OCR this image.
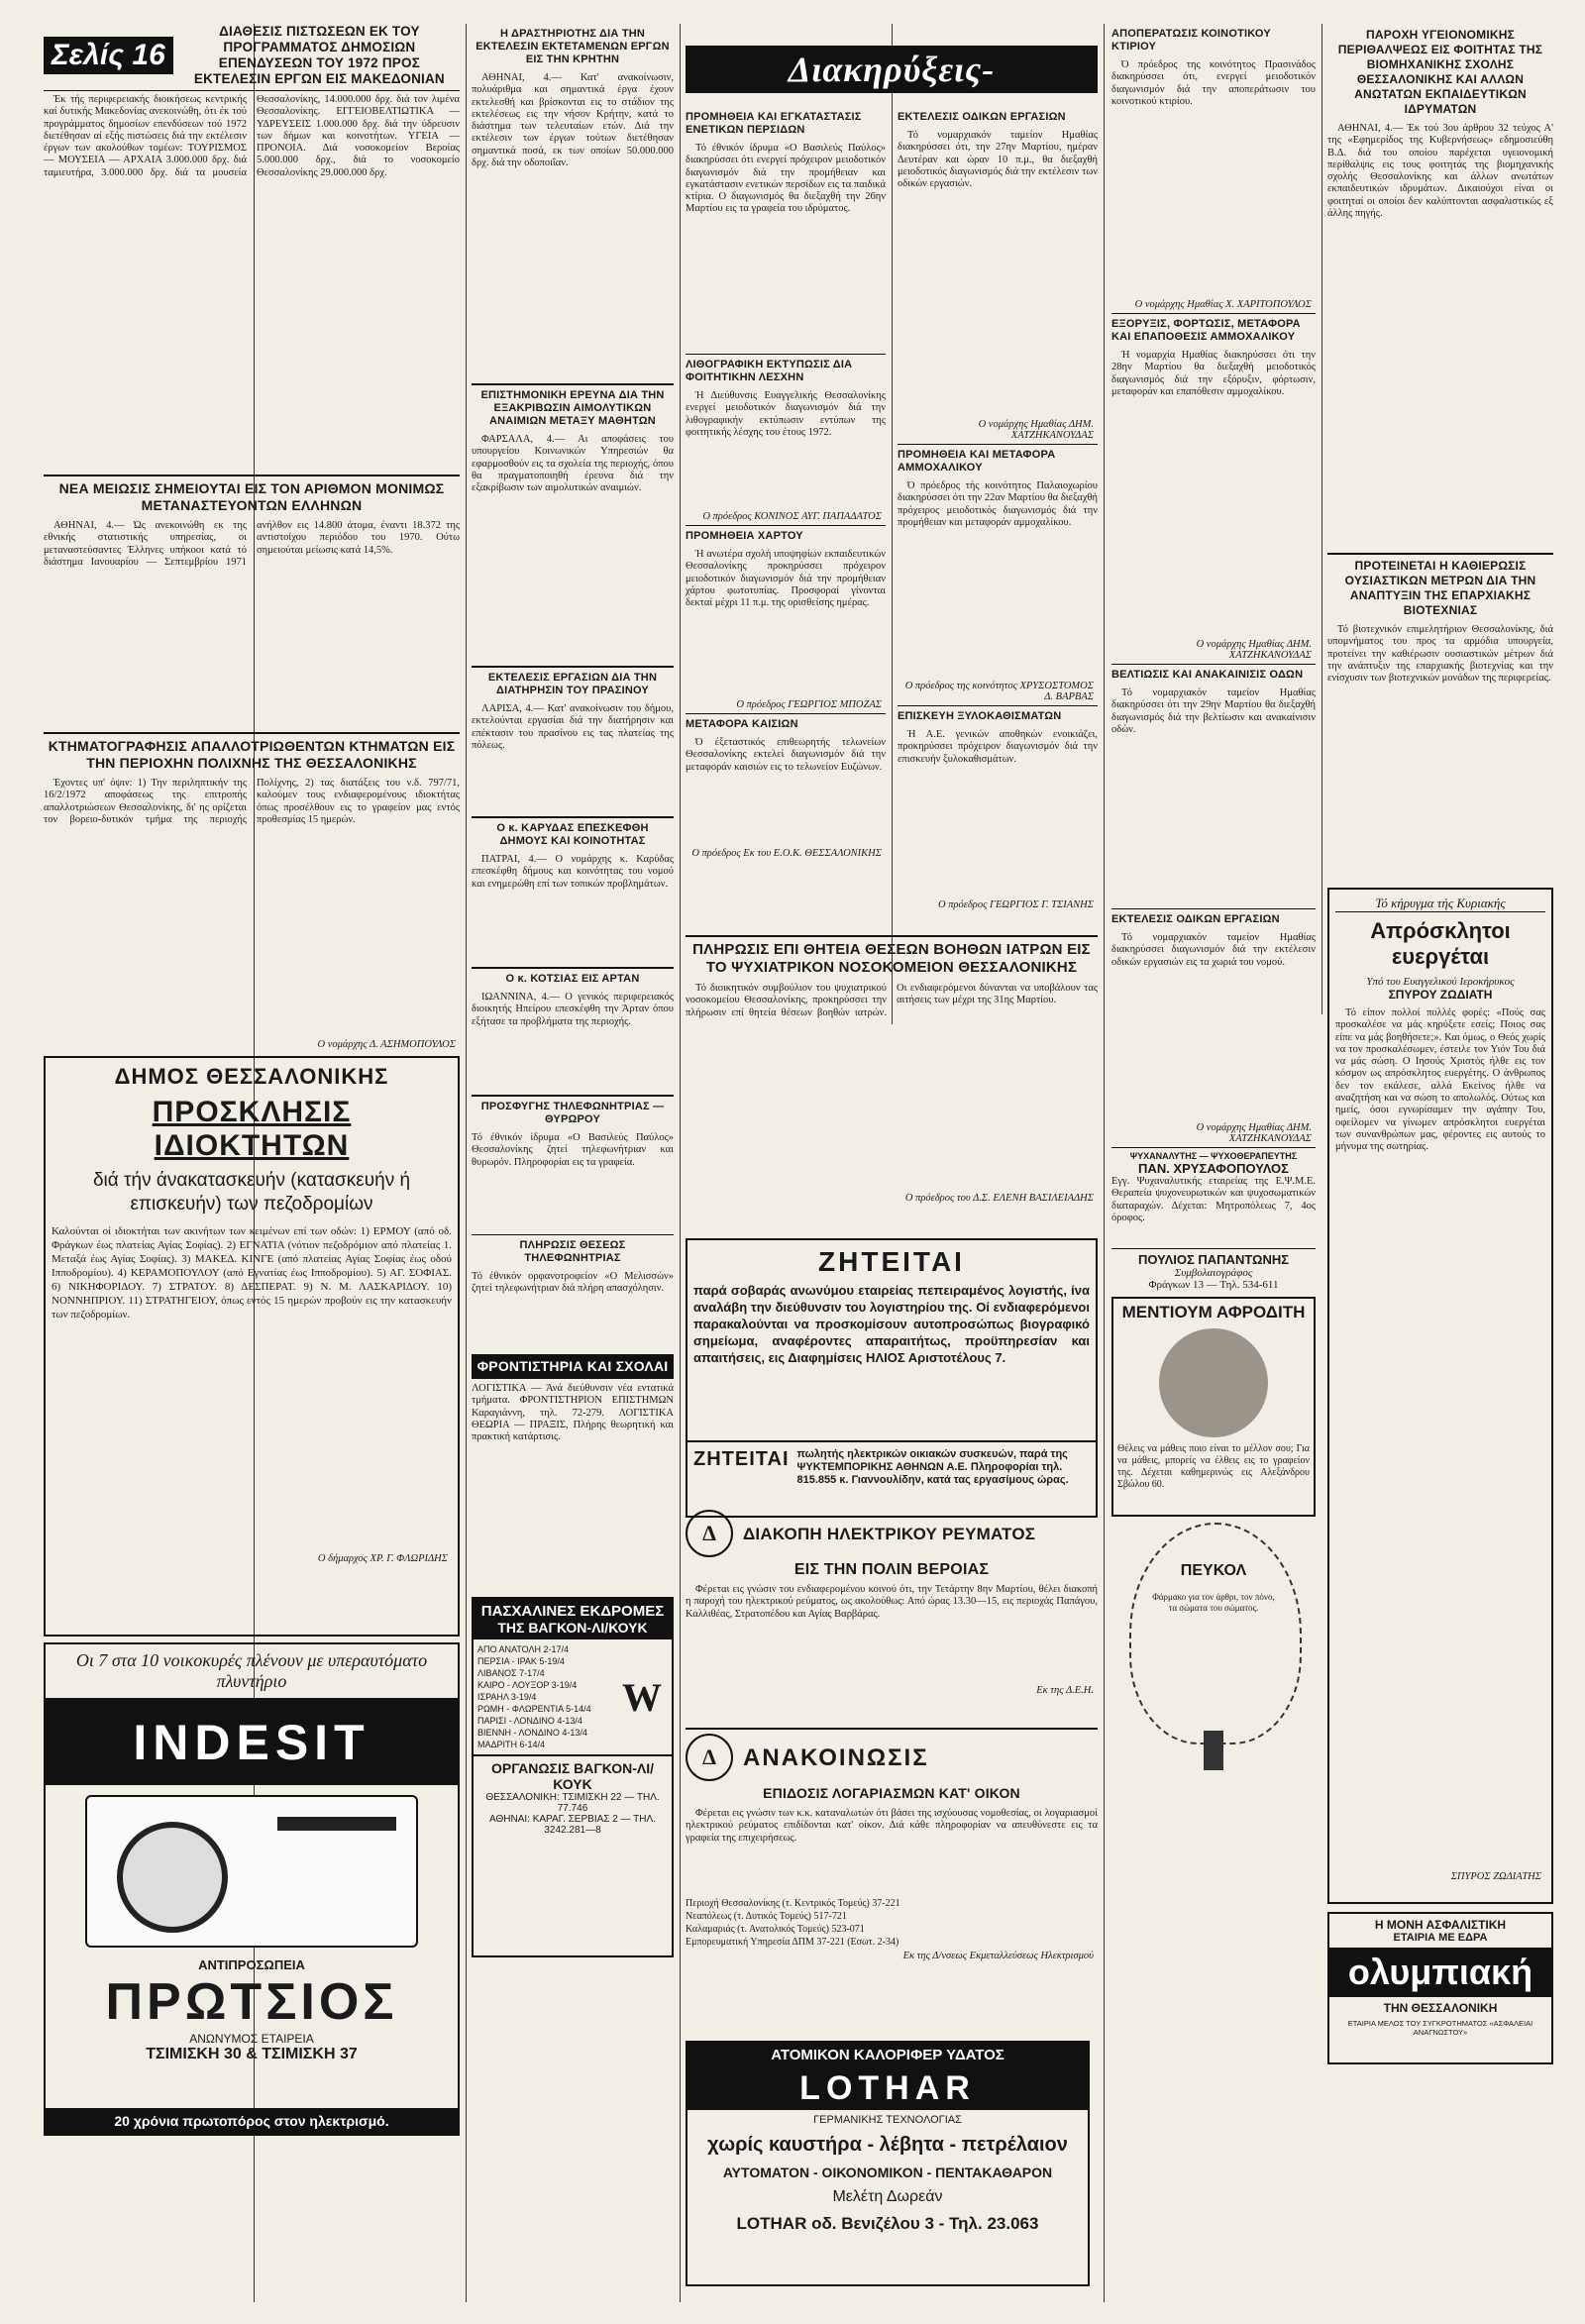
Σελίς 16
ΔΙΑΘΕΣΙΣ ΠΙΣΤΩΣΕΩΝ ΕΚ ΤΟΥ ΠΡΟΓΡΑΜΜΑΤΟΣ ΔΗΜΟΣΙΩΝ ΕΠΕΝΔΥΣΕΩΝ ΤΟΥ 1972 ΠΡΟΣ ΕΚΤΕΛΕΣΙΝ ΕΡΓΩΝ ΕΙΣ ΜΑΚΕΔΟΝΙΑΝ

Έκ τής περιφερειακής διοικήσεως κεντρικής καί δυτικής Μακεδονίας ανεκοινώθη, ότι έκ τού προγράμματος δημοσίων επενδύσεων τού 1972 διετέθησαν αί εξής πιστώσεις διά την εκτέλεσιν έργων των ακολούθων τομέων: ΤΟΥΡΙΣΜΟΣ — ΜΟΥΣΕΙΑ — ΑΡΧΑΙΑ 3.000.000 δρχ. διά ταμιευτήρα, 3.000.000 δρχ. διά τα μουσεία Θεσσαλονίκης, 14.000.000 δρχ. διά τον λιμένα Θεσσαλονίκης. ΕΓΓΕΙΟΒΕΛΤΙΩΤΙΚΑ — ΥΔΡΕΥΣΕΙΣ 1.000.000 δρχ. διά την ύδρευσιν των δήμων και κοινοτήτων. ΥΓΕΙΑ — ΠΡΟΝΟΙΑ. Διά νοσοκομείον Βεροίας 5.000.000 δρχ., διά το νοσοκομείο Θεσσαλονίκης 29.000.000 δρχ.

ΝΕΑ ΜΕΙΩΣΙΣ ΣΗΜΕΙΟΥΤΑΙ ΕΙΣ ΤΟΝ ΑΡΙΘΜΟΝ ΜΟΝΙΜΩΣ ΜΕΤΑΝΑΣΤΕΥΟΝΤΩΝ ΕΛΛΗΝΩΝ

ΑΘΗΝΑΙ, 4.— Ώς ανεκοινώθη εκ της εθνικής στατιστικής υπηρεσίας, οι μεταναστεύσαντες Έλληνες υπήκοοι κατά τό διάστημα Ιανουαρίου — Σεπτεμβρίου 1971 ανήλθον εις 14.800 άτομα, έναντι 18.372 της αντιστοίχου περιόδου του 1970. Ούτω σημειούται μείωσις κατά 14,5%.

ΚΤΗΜΑΤΟΓΡΑΦΗΣΙΣ ΑΠΑΛΛΟΤΡΙΩΘΕΝΤΩΝ ΚΤΗΜΑΤΩΝ ΕΙΣ ΤΗΝ ΠΕΡΙΟΧΗΝ ΠΟΛΙΧΝΗΣ ΤΗΣ ΘΕΣΣΑΛΟΝΙΚΗΣ

Έχοντες υπ' όψιν: 1) Την περιληπτικήν της 16/2/1972 αποφάσεως της επιτροπής απαλλοτριώσεων Θεσσαλονίκης, δι' ης ορίζεται τον βορειο-δυτικόν τμήμα της περιοχής Πολίχνης, 2) τας διατάξεις του ν.δ. 797/71, καλούμεν τους ενδιαφερομένους ιδιοκτήτας όπως προσέλθουν εις το γραφείον μας εντός προθεσμίας 15 ημερών.

Ο νομάρχης Δ. ΑΣΗΜΟΠΟΥΛΟΣ
ΔΗΜΟΣ ΘΕΣΣΑΛΟΝΙΚΗΣ
ΠΡΟΣΚΛΗΣΙΣ ΙΔΙΟΚΤΗΤΩΝ
διά τήν άνακατασκευήν (κατασκευήν ή επισκευήν) των πεζοδρομίων
Καλούνται οί ιδιοκτήται των ακινήτων των κειμένων επί των οδών: 1) ΕΡΜΟΥ (από οδ. Φράγκων έως πλατείας Αγίας Σοφίας). 2) ΕΓΝΑΤΙΑ (νότιον πεζοδρόμιον από πλατείας 1. Μεταξά έως Αγίας Σοφίας). 3) ΜΑΚΕΔ. ΚΙΝΓΕ (από πλατείας Αγίας Σοφίας έως οδού Ιπποδρομίου). 4) ΚΕΡΑΜΟΠΟΥΛΟΥ (από Εγνατίας έως Ιπποδρομίου). 5) ΑΓ. ΣΟΦΙΑΣ. 6) ΝΙΚΗΦΟΡΙΔΟΥ. 7) ΣΤΡΑΤΟΥ. 8) ΔΕΣΠΕΡΑΤ. 9) Ν. Μ. ΛΑΣΚΑΡΙΔΟΥ. 10) ΝΟΝΝΗΠΡΙΟΥ. 11) ΣΤΡΑΤΗΓΕΙΟΥ, όπως εντός 15 ημερών προβούν εις την κατασκευήν των πεζοδρομίων.
Ο δήμαρχος ΧΡ. Γ. ΦΛΩΡΙΔΗΣ
Οι 7 στα 10 νοικοκυρές πλένουν με υπεραυτόματο πλυντήριο
INDESIT
ΑΝΤΙΠΡΟΣΩΠΕΙΑ
ΠΡΩΤΣΙΟΣ
ΑΝΩΝΥΜΟΣ ΕΤΑΙΡΕΙΑ
ΤΣΙΜΙΣΚΗ 30 & ΤΣΙΜΙΣΚΗ 37
20 χρόνια πρωτοπόρος στον ηλεκτρισμό.
Η ΔΡΑΣΤΗΡΙΟΤΗΣ ΔΙΑ ΤΗΝ ΕΚΤΕΛΕΣΙΝ ΕΚΤΕΤΑΜΕΝΩΝ ΕΡΓΩΝ ΕΙΣ ΤΗΝ ΚΡΗΤΗΝ

ΑΘΗΝΑΙ, 4.— Κατ' ανακοίνωσιν, πολυάριθμα και σημαντικά έργα έχουν εκτελεσθή και βρίσκονται εις το στάδιον της εκτελέσεως εις την νήσον Κρήτην, κατά το διάστημα των τελευταίων ετών. Διά την εκτέλεσιν των έργων τούτων διετέθησαν σημαντικά ποσά, εκ των οποίων 50.000.000 δρχ. διά την οδοποιΐαν.

ΕΠΙΣΤΗΜΟΝΙΚΗ ΕΡΕΥΝΑ ΔΙΑ ΤΗΝ ΕΞΑΚΡΙΒΩΣΙΝ ΑΙΜΟΛΥΤΙΚΩΝ ΑΝΑΙΜΙΩΝ ΜΕΤΑΞΥ ΜΑΘΗΤΩΝ

ΦΑΡΣΑΛΑ, 4.— Αι αποφάσεις του υπουργείου Κοινωνικών Υπηρεσιών θα εφαρμοσθούν εις τα σχολεία της περιοχής, όπου θα πραγματοποιηθή έρευνα διά την εξακρίβωσιν των αιμολυτικών αναιμιών.

ΕΚΤΕΛΕΣΙΣ ΕΡΓΑΣΙΩΝ ΔΙΑ ΤΗΝ ΔΙΑΤΗΡΗΣΙΝ ΤΟΥ ΠΡΑΣΙΝΟΥ

ΛΑΡΙΣΑ, 4.— Κατ' ανακοίνωσιν του δήμου, εκτελούνται εργασίαι διά την διατήρησιν και επέκτασιν του πρασίνου εις τας πλατείας της πόλεως.

Ο κ. ΚΑΡΥΔΑΣ ΕΠΕΣΚΕΦΘΗ ΔΗΜΟΥΣ ΚΑΙ ΚΟΙΝΟΤΗΤΑΣ

ΠΑΤΡΑΙ, 4.— Ο νομάρχης κ. Καρύδας επεσκέφθη δήμους και κοινότητας του νομού και ενημερώθη επί των τοπικών προβλημάτων.

Ο κ. ΚΟΤΣΙΑΣ ΕΙΣ ΑΡΤΑΝ

ΙΩΑΝΝΙΝΑ, 4.— Ο γενικός περιφερειακός διοικητής Ηπείρου επεσκέφθη την Άρταν όπου εξήτασε τα προβλήματα της περιοχής.

ΠΡΟΣΦΥΓΗΣ ΤΗΛΕΦΩΝΗΤΡΙΑΣ — ΘΥΡΩΡΟΥ
Τό έθνικόν ίδρυμα «Ο Βασιλεύς Παύλος» Θεσσαλονίκης ζητεί τηλεφωνήτριαν και θυρωρόν. Πληροφορίαι εις τα γραφεία.
ΠΛΗΡΩΣΙΣ ΘΕΣΕΩΣ ΤΗΛΕΦΩΝΗΤΡΙΑΣ
Τό έθνικόν ορφανοτροφείον «Ο Μελισσών» ζητεί τηλεφωνήτριαν διά πλήρη απασχόλησιν.
ΦΡΟΝΤΙΣΤΗΡΙΑ ΚΑΙ ΣΧΟΛΑΙ
ΛΟΓΙΣΤΙΚΑ — Άνά διεύθυνσιν νέα εντατικά τμήματα. ΦΡΟΝΤΙΣΤΗΡΙΟΝ ΕΠΙΣΤΗΜΩΝ Καραγιάννη, τηλ. 72-279. ΛΟΓΙΣΤΙΚΑ ΘΕΩΡΙΑ — ΠΡΑΞΙΣ, Πλήρης θεωρητική και πρακτική κατάρτισις.
ΠΑΣΧΑΛΙΝΕΣ ΕΚΔΡΟΜΕΣ
ΤΗΣ ΒΑΓΚΟΝ-ΛΙ/ΚΟΥΚ
ΑΠΟ ΑΝΑΤΟΛΗ 2-17/4
ΠΕΡΣΙΑ - ΙΡΑΚ 5-19/4
ΛΙΒΑΝΟΣ 7-17/4
ΚΑΙΡΟ - ΛΟΥΞΟΡ 3-19/4
ΙΣΡΑΗΛ 3-19/4
ΡΩΜΗ - ΦΛΩΡΕΝΤΙΑ 5-14/4
ΠΑΡΙΣΙ - ΛΟΝΔΙΝΟ 4-13/4
ΒΙΕΝΝΗ - ΛΟΝΔΙΝΟ 4-13/4
ΜΑΔΡΙΤΗ 6-14/4
W
ΟΡΓΑΝΩΣΙΣ ΒΑΓΚΟΝ-ΛΙ/ΚΟΥΚ
ΘΕΣΣΑΛΟΝΙΚΗ: ΤΣΙΜΙΣΚΗ 22 — ΤΗΛ. 77.746
ΑΘΗΝΑΙ: ΚΑΡΑΓ. ΣΕΡΒΙΑΣ 2 — ΤΗΛ. 3242.281—8
Διακηρύξεις-
ΠΡΟΜΗΘΕΙΑ ΚΑΙ ΕΓΚΑΤΑΣΤΑΣΙΣ ΕΝΕΤΙΚΩΝ ΠΕΡΣΙΔΩΝ

Τό έθνικόν ίδρυμα «Ο Βασιλεύς Παύλος» διακηρύσσει ότι ενεργεί πρόχειρον μειοδοτικόν διαγωνισμόν διά την προμήθειαν και εγκατάστασιν ενετικών περσίδων εις τα παιδικά κτίρια. Ο διαγωνισμός θα διεξαχθή την 26ην Μαρτίου εις τα γραφεία του ιδρύματος.

ΛΙΘΟΓΡΑΦΙΚΗ ΕΚΤΥΠΩΣΙΣ ΔΙΑ ΦΟΙΤΗΤΙΚΗΝ ΛΕΣΧΗΝ

Ή Διεύθυνσις Ευαγγελικής Θεσσαλονίκης ενεργεί μειοδοτικόν διαγωνισμόν διά την λιθογραφικήν εκτύπωσιν εντύπων της φοιτητικής λέσχης του έτους 1972.

Ο πρόεδρος ΚΟΝΙΝΟΣ ΑΥΓ. ΠΑΠΑΔΑΤΟΣ
ΠΡΟΜΗΘΕΙΑ ΧΑΡΤΟΥ

Ή ανωτέρα σχολή υποψηφίων εκπαιδευτικών Θεσσαλονίκης προκηρύσσει πρόχειρον μειοδοτικόν διαγωνισμόν διά την προμήθειαν χάρτου φωτοτυπίας. Προσφοραί γίνονται δεκταί μέχρι 11 π.μ. της ορισθείσης ημέρας.

Ο πρόεδρος ΓΕΩΡΓΙΟΣ ΜΠΟΖΑΣ
ΜΕΤΑΦΟΡΑ ΚΑΙΣΙΩΝ

Ό έξεταστικός επιθεωρητής τελωνείων Θεσσαλονίκης εκτελεί διαγωνισμόν διά την μεταφοράν καισιών εις το τελωνείον Ευζώνων.

Ο πρόεδρος Εκ του Ε.Ο.Κ. ΘΕΣΣΑΛΟΝΙΚΗΣ
ΕΚΤΕΛΕΣΙΣ ΟΔΙΚΩΝ ΕΡΓΑΣΙΩΝ

Τό νομαρχιακόν ταμείον Ημαθίας διακηρύσσει ότι, την 27ην Μαρτίου, ημέραν Δευτέραν και ώραν 10 π.μ., θα διεξαχθή μειοδοτικός διαγωνισμός διά την εκτέλεσιν των οδικών εργασιών.

Ο νομάρχης Ημαθίας ΔΗΜ. ΧΑΤΖΗΚΑΝΟΥΔΑΣ
ΠΡΟΜΗΘΕΙΑ ΚΑΙ ΜΕΤΑΦΟΡΑ ΑΜΜΟΧΑΛΙΚΟΥ

Ό πρόεδρος τής κοινότητος Παλαιοχωρίου διακηρύσσει ότι την 22αν Μαρτίου θα διεξαχθή πρόχειρος μειοδοτικός διαγωνισμός διά την προμήθειαν και μεταφοράν αμμοχαλίκου.

Ο πρόεδρος της κοινότητος ΧΡΥΣΟΣΤΟΜΟΣ Δ. ΒΑΡΒΑΣ
ΕΠΙΣΚΕΥΗ ΞΥΛΟΚΑΘΙΣΜΑΤΩΝ

Ή Α.Ε. γενικών αποθηκών ενοικιάζει, προκηρύσσει πρόχειρον διαγωνισμόν διά την επισκευήν ξυλοκαθισμάτων.

Ο πρόεδρος ΓΕΩΡΓΙΟΣ Γ. ΤΣΙΑΝΗΣ
ΠΛΗΡΩΣΙΣ ΕΠΙ ΘΗΤΕΙΑ ΘΕΣΕΩΝ ΒΟΗΘΩΝ ΙΑΤΡΩΝ ΕΙΣ ΤΟ ΨΥΧΙΑΤΡΙΚΟΝ ΝΟΣΟΚΟΜΕΙΟΝ ΘΕΣΣΑΛΟΝΙΚΗΣ

Τό διοικητικόν συμβούλιον του ψυχιατρικού νοσοκομείου Θεσσαλονίκης, προκηρύσσει την πλήρωσιν επί θητεία θέσεων βοηθών ιατρών. Οι ενδιαφερόμενοι δύνανται να υποβάλουν τας αιτήσεις των μέχρι της 31ης Μαρτίου.

Ο πρόεδρος του Δ.Σ. ΕΛΕΝΗ ΒΑΣΙΛΕΙΑΔΗΣ
ΖΗΤΕΙΤΑΙ
παρά σοβαράς ανωνύμου εταιρείας πεπειραμένος λογιστής, ίνα αναλάβη την διεύθυνσιν του λογιστηρίου της. Οί ενδιαφερόμενοι παρακαλούνται να προσκομίσουν αυτοπροσώπως βιογραφικό σημείωμα, αναφέροντες απαραιτήτως, προϋπηρεσίαν και απαιτήσεις, εις Διαφημίσεις ΗΛΙΟΣ Αριστοτέλους 7.
ΖΗΤΕΙΤΑΙ πωλητής ηλεκτρικών οικιακών συσκευών, παρά της ΨΥΚΤΕΜΠΟΡΙΚΗΣ ΑΘΗΝΩΝ Α.Ε. Πληροφορίαι τηλ. 815.855 κ. Γιαννουλίδην, κατά τας εργασίμους ώρας.
Δ	ΔΙΑΚΟΠΗ ΗΛΕΚΤΡΙΚΟΥ ΡΕΥΜΑΤΟΣ
ΕΙΣ ΤΗΝ ΠΟΛΙΝ ΒΕΡΟΙΑΣ

Φέρεται εις γνώσιν του ενδιαφερομένου κοινού ότι, την Τετάρτην 8ην Μαρτίου, θέλει διακοπή η παροχή του ηλεκτρικού ρεύματος, ως ακολούθως: Από ώρας 13.30—15, εις περιοχάς Παπάγου, Καλλιθέας, Στρατοπέδου και Αγίας Βαρβάρας.

Εκ της Δ.Ε.Η.
Δ	ΑΝΑΚΟΙΝΩΣΙΣ
ΕΠΙΔΟΣΙΣ ΛΟΓΑΡΙΑΣΜΩΝ ΚΑΤ' ΟΙΚΟΝ

Φέρεται εις γνώσιν των κ.κ. καταναλωτών ότι βάσει της ισχύουσας νομοθεσίας, οι λογαριασμοί ηλεκτρικού ρεύματος επιδίδονται κατ' οίκον. Διά κάθε πληροφορίαν να απευθύνεστε εις τα γραφεία της επιχειρήσεως.

Περιοχή Θεσσαλονίκης (τ. Κεντρικός Τομεύς) 37-221
Νεαπόλεως (τ. Δυτικός Τομεύς) 517-721
Καλαμαριάς (τ. Ανατολικός Τομεύς) 523-071
Εμπορευματική Υπηρεσία ΔΠΜ 37-221 (Εσωτ. 2-34)
Εκ της Δ/νσεως Εκμεταλλεύσεως Ηλεκτρισμού
ΑΤΟΜΙΚΟΝ ΚΑΛΟΡΙΦΕΡ ΥΔΑΤΟΣ
LOTHAR
ΓΕΡΜΑΝΙΚΗΣ ΤΕΧΝΟΛΟΓΙΑΣ
χωρίς καυστήρα - λέβητα - πετρέλαιον
ΑΥΤΟΜΑΤΟΝ - ΟΙΚΟΝΟΜΙΚΟΝ - ΠΕΝΤΑΚΑΘΑΡΟΝ
Μελέτη Δωρεάν
LOTHAR οδ. Βενιζέλου 3 - Τηλ. 23.063
ΑΠΟΠΕΡΑΤΩΣΙΣ ΚΟΙΝΟΤΙΚΟΥ ΚΤΙΡΙΟΥ

Ό πρόεδρος της κοινότητος Πρασινάδος διακηρύσσει ότι, ενεργεί μειοδοτικόν διαγωνισμόν διά την αποπεράτωσιν του κοινοτικού κτιρίου.

Ο νομάρχης Ημαθίας Χ. ΧΑΡΙΤΟΠΟΥΛΟΣ
ΕΞΟΡΥΞΙΣ, ΦΟΡΤΩΣΙΣ, ΜΕΤΑΦΟΡΑ ΚΑΙ ΕΠΑΠΟΘΕΣΙΣ ΑΜΜΟΧΑΛΙΚΟΥ

Ή νομαρχία Ημαθίας διακηρύσσει ότι την 28ην Μαρτίου θα διεξαχθή μειοδοτικός διαγωνισμός διά την εξόρυξιν, φόρτωσιν, μεταφοράν και επαπόθεσιν αμμοχαλίκου.

Ο νομάρχης Ημαθίας ΔΗΜ. ΧΑΤΖΗΚΑΝΟΥΔΑΣ
ΒΕΛΤΙΩΣΙΣ ΚΑΙ ΑΝΑΚΑΙΝΙΣΙΣ ΟΔΩΝ

Τό νομαρχιακόν ταμείον Ημαθίας διακηρύσσει ότι την 29ην Μαρτίου θα διεξαχθή διαγωνισμός διά την βελτίωσιν και ανακαίνισιν οδών.

ΕΚΤΕΛΕΣΙΣ ΟΔΙΚΩΝ ΕΡΓΑΣΙΩΝ

Τό νομαρχιακόν ταμείον Ημαθίας διακηρύσσει διαγωνισμόν διά την εκτέλεσιν οδικών εργασιών εις τα χωριά του νομού.

Ο νομάρχης Ημαθίας ΔΗΜ. ΧΑΤΖΗΚΑΝΟΥΔΑΣ
ΨΥΧΑΝΑΛΥΤΗΣ — ΨΥΧΟΘΕΡΑΠΕΥΤΗΣ
ΠΑΝ. ΧΡΥΣΑΦΟΠΟΥΛΟΣ
Εγγ. Ψυχαναλυτικής εταιρείας της Ε.Ψ.Μ.Ε. Θεραπεία ψυχονευρωτικών και ψυχοσωματικών διαταραχών. Δέχεται: Μητροπόλεως 7, 4ος όροφος.
ΠΟΥΛΙΟΣ ΠΑΠΑΝΤΩΝΗΣ
Συμβολαιογράφος
Φράγκων 13 — Τηλ. 534-611
ΜΕΝΤΙΟΥΜ ΑΦΡΟΔΙΤΗ
Θέλεις να μάθεις ποιο είναι το μέλλον σου; Για να μάθεις, μπορείς να έλθεις εις το γραφείον της. Δέχεται καθημερινώς εις Αλεξάνδρου Σβώλου 60.
ΠΕΥΚΟΛ
Φάρμακο για τον άρθρι, τον πόνο, τα σώματα του σώματος.
ΠΑΡΟΧΗ ΥΓΕΙΟΝΟΜΙΚΗΣ ΠΕΡΙΘΑΛΨΕΩΣ ΕΙΣ ΦΟΙΤΗΤΑΣ ΤΗΣ ΒΙΟΜΗΧΑΝΙΚΗΣ ΣΧΟΛΗΣ ΘΕΣΣΑΛΟΝΙΚΗΣ ΚΑΙ ΑΛΛΩΝ ΑΝΩΤΑΤΩΝ ΕΚΠΑΙΔΕΥΤΙΚΩΝ ΙΔΡΥΜΑΤΩΝ

ΑΘΗΝΑΙ, 4.— Έκ τού 3ου άρθρου 32 τεύχος Α' της «Εφημερίδος της Κυβερνήσεως» εδημοσιεύθη Β.Δ. διά του οποίου παρέχεται υγειονομική περίθαλψις εις τους φοιτητάς της βιομηχανικής σχολής Θεσσαλονίκης και άλλων ανωτάτων εκπαιδευτικών ιδρυμάτων. Δικαιούχοι είναι οι φοιτηταί οι οποίοι δεν καλύπτονται ασφαλιστικώς εξ άλλης πηγής.

ΠΡΟΤΕΙΝΕΤΑΙ Η ΚΑΘΙΕΡΩΣΙΣ ΟΥΣΙΑΣΤΙΚΩΝ ΜΕΤΡΩΝ ΔΙΑ ΤΗΝ ΑΝΑΠΤΥΞΙΝ ΤΗΣ ΕΠΑΡΧΙΑΚΗΣ ΒΙΟΤΕΧΝΙΑΣ

Τό βιοτεχνικόν επιμελητήριον Θεσσαλονίκης, διά υπομνήματος του προς τα αρμόδια υπουργεία, προτείνει την καθιέρωσιν ουσιαστικών μέτρων διά την ανάπτυξιν της επαρχιακής βιοτεχνίας και την ενίσχυσιν των βιοτεχνικών μονάδων της περιφερείας.

Τό κήρυγμα τής Κυριακής
Απρόσκλητοι ευεργέται
Υπό του Ευαγγελικού Ιεροκήρυκος
ΣΠΥΡΟΥ ΖΩΔΙΑΤΗ

Τό είπον πολλοί πολλές φορές: «Πούς σας προσκαλέσε να μάς κηρύξετε εσείς; Ποιος σας είπε να μάς βοηθήσετε;». Και όμως, ο Θεός χωρίς να τον προσκαλέσωμεν, έστειλε τον Υιόν Του διά να μάς σώση. Ο Ιησούς Χριστός ήλθε εις τον κόσμον ως απρόσκλητος ευεργέτης. Ο άνθρωπος δεν τον εκάλεσε, αλλά Εκείνος ήλθε να αναζητήση και να σώση το απολωλός. Ούτως και ημείς, όσοι εγνωρίσαμεν την αγάπην Του, οφείλομεν να γίνωμεν απρόσκλητοι ευεργέται των συνανθρώπων μας, φέροντες εις αυτούς το μήνυμα της σωτηρίας.

ΣΠΥΡΟΣ ΖΩΔΙΑΤΗΣ
Η ΜΟΝΗ ΑΣΦΑΛΙΣΤΙΚΗ
ΕΤΑΙΡΙΑ ΜΕ ΕΔΡΑ
ολυμπιακή
ΤΗΝ ΘΕΣΣΑΛΟΝΙΚΗ
ΕΤΑΙΡΙΑ ΜΕΛΟΣ ΤΟΥ ΣΥΓΚΡΟΤΗΜΑΤΟΣ «ΑΣΦΑΛΕΙΑΙ ΑΝΑΓΝΩΣΤΟΥ»
